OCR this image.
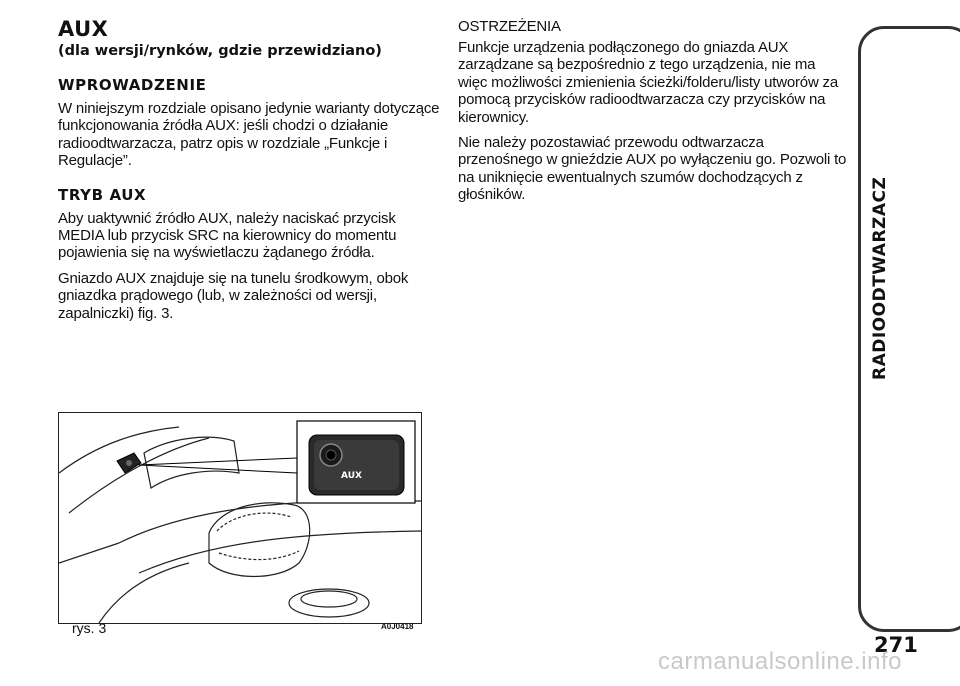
AUX
(dla wersji/rynków, gdzie przewidziano)
WPROWADZENIE

W niniejszym rozdziale opisano jedynie warianty dotyczące funkcjonowania źródła AUX: jeśli chodzi o działanie radioodtwarzacza, patrz opis w rozdziale „Funkcje i Regulacje”.

TRYB AUX

Aby uaktywnić źródło AUX, należy naciskać przycisk MEDIA lub przycisk SRC na kierownicy do momentu pojawienia się na wyświetlaczu żądanego źródła.

Gniazdo AUX znajduje się na tunelu środkowym, obok gniazdka prądowego (lub, w zależności od wersji, zapalniczki) fig. 3.

OSTRZEŻENIA

Funkcje urządzenia podłączonego do gniazda AUX zarządzane są bezpośrednio z tego urządzenia, nie ma więc możliwości zmienienia ścieżki/folderu/listy utworów za pomocą przycisków radioodtwarzacza czy przycisków na kierownicy.

Nie należy pozostawiać przewodu odtwarzacza przenośnego w gnieździe AUX po wyłączeniu go. Pozwoli to na uniknięcie ewentualnych szumów dochodzących z głośników.

AUX
rys. 3	A0J0418
RADIOODTWARZACZ
271
carmanualsonline.info
